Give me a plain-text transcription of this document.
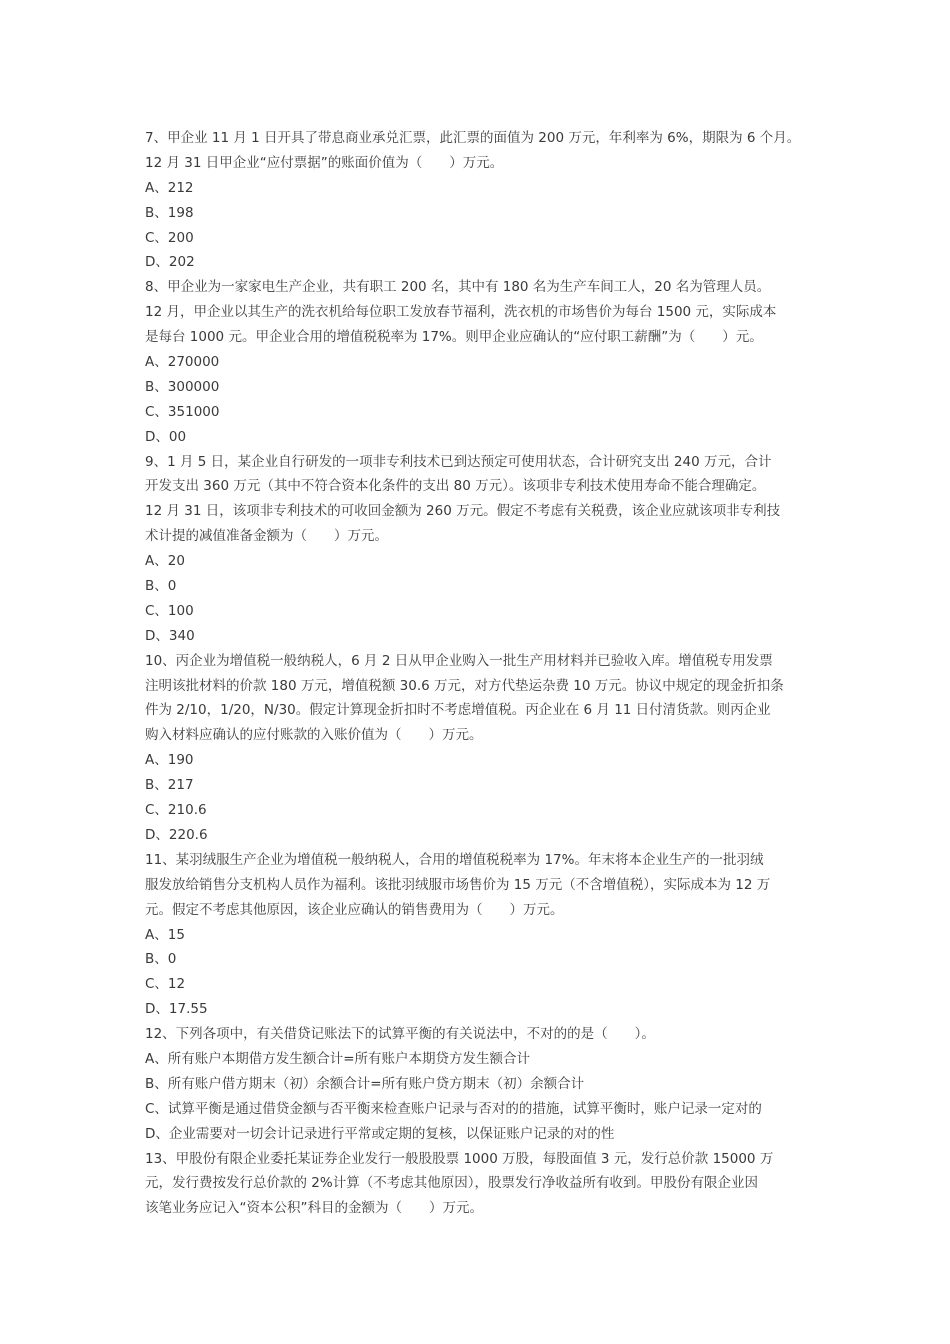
7、甲企业 11 月 1 日开具了带息商业承兑汇票，此汇票的面值为 200 万元，年利率为 6%，期限为 6 个月。
12 月 31 日甲企业“应付票据”的账面价值为（　　）万元。
A、212
B、198
C、200
D、202
8、甲企业为一家家电生产企业，共有职工 200 名，其中有 180 名为生产车间工人，20 名为管理人员。
12 月，甲企业以其生产的洗衣机给每位职工发放春节福利，洗衣机的市场售价为每台 1500 元，实际成本
是每台 1000 元。甲企业合用的增值税税率为 17%。则甲企业应确认的“应付职工薪酬”为（　　）元。
A、270000
B、300000
C、351000
D、00
9、1 月 5 日，某企业自行研发的一项非专利技术已到达预定可使用状态，合计研究支出 240 万元，合计
开发支出 360 万元（其中不符合资本化条件的支出 80 万元）。该项非专利技术使用寿命不能合理确定。
12 月 31 日，该项非专利技术的可收回金额为 260 万元。假定不考虑有关税费，该企业应就该项非专利技
术计提的减值准备金额为（　　）万元。
A、20
B、0
C、100
D、340
10、丙企业为增值税一般纳税人，6 月 2 日从甲企业购入一批生产用材料并已验收入库。增值税专用发票
注明该批材料的价款 180 万元，增值税额 30.6 万元，对方代垫运杂费 10 万元。协议中规定的现金折扣条
件为 2/10，1/20，N/30。假定计算现金折扣时不考虑增值税。丙企业在 6 月 11 日付清货款。则丙企业
购入材料应确认的应付账款的入账价值为（　　）万元。
A、190
B、217
C、210.6
D、220.6
11、某羽绒服生产企业为增值税一般纳税人，合用的增值税税率为 17%。年末将本企业生产的一批羽绒
服发放给销售分支机构人员作为福利。该批羽绒服市场售价为 15 万元（不含增值税），实际成本为 12 万
元。假定不考虑其他原因，该企业应确认的销售费用为（　　）万元。
A、15
B、0
C、12
D、17.55
12、下列各项中，有关借贷记账法下的试算平衡的有关说法中，不对的的是（　　）。
A、所有账户本期借方发生额合计=所有账户本期贷方发生额合计
B、所有账户借方期末（初）余额合计=所有账户贷方期末（初）余额合计
C、试算平衡是通过借贷金额与否平衡来检查账户记录与否对的的措施，试算平衡时，账户记录一定对的
D、企业需要对一切会计记录进行平常或定期的复核，以保证账户记录的对的性
13、甲股份有限企业委托某证券企业发行一般股股票 1000 万股，每股面值 3 元，发行总价款 15000 万
元，发行费按发行总价款的 2%计算（不考虑其他原因），股票发行净收益所有收到。甲股份有限企业因
该笔业务应记入“资本公积”科目的金额为（　　）万元。
